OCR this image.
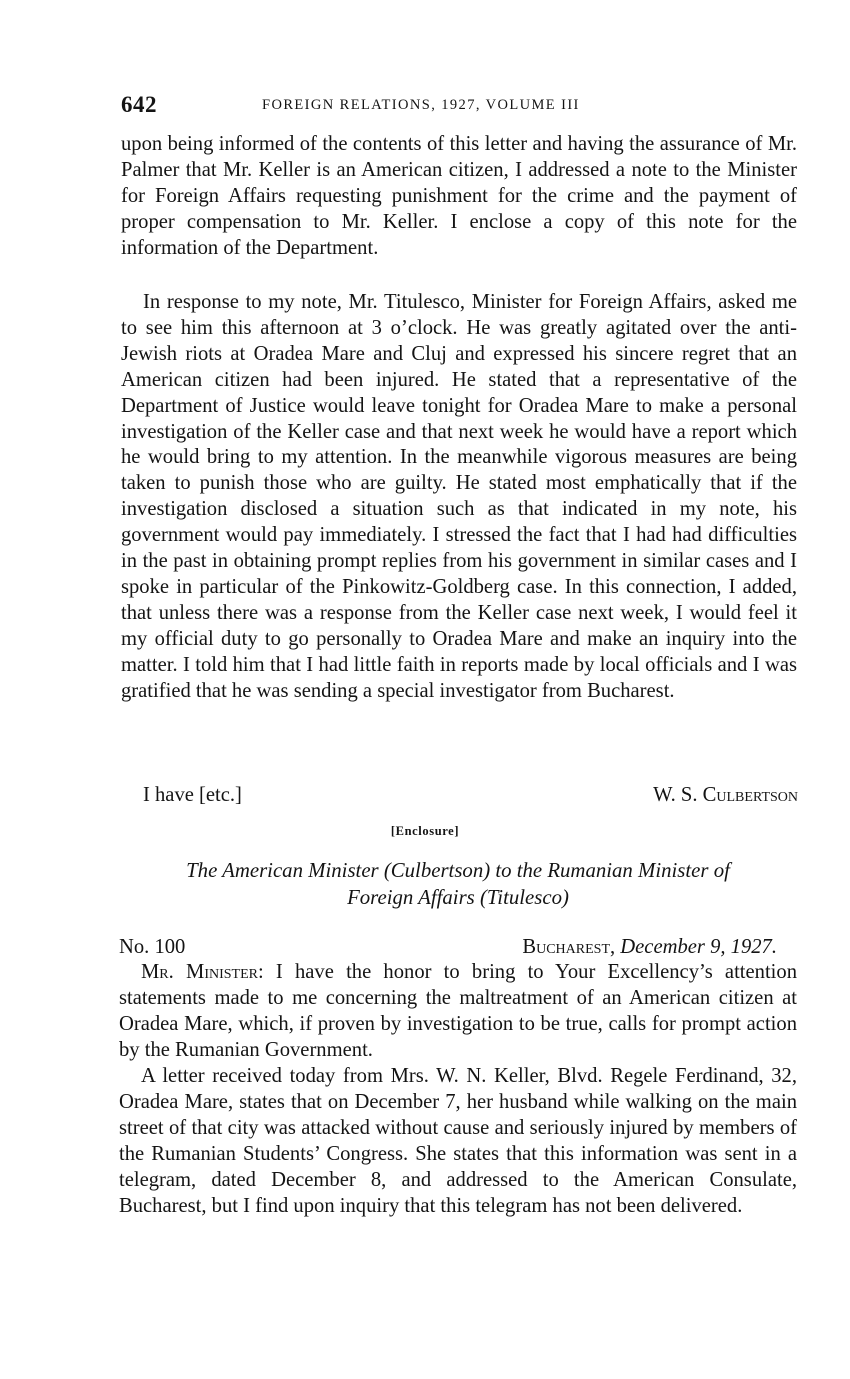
642	FOREIGN RELATIONS, 1927, VOLUME III

upon being informed of the contents of this letter and having the assurance of Mr. Palmer that Mr. Keller is an American citizen, I addressed a note to the Minister for Foreign Affairs requesting punishment for the crime and the payment of proper compensation to Mr. Keller. I enclose a copy of this note for the information of the Department.

In response to my note, Mr. Titulesco, Minister for Foreign Affairs, asked me to see him this afternoon at 3 o’clock. He was greatly agitated over the anti-Jewish riots at Oradea Mare and Cluj and expressed his sincere regret that an American citizen had been injured. He stated that a representative of the Department of Justice would leave tonight for Oradea Mare to make a personal investigation of the Keller case and that next week he would have a report which he would bring to my attention. In the meanwhile vigorous measures are being taken to punish those who are guilty. He stated most emphatically that if the investigation disclosed a situation such as that indicated in my note, his government would pay immediately. I stressed the fact that I had had difficulties in the past in obtaining prompt replies from his government in similar cases and I spoke in particular of the Pinkowitz-Goldberg case. In this connection, I added, that unless there was a response from the Keller case next week, I would feel it my official duty to go personally to Oradea Mare and make an inquiry into the matter. I told him that I had little faith in reports made by local officials and I was gratified that he was sending a special investigator from Bucharest.

I have [etc.]	W. S. Culbertson
[Enclosure]
The American Minister (Culbertson) to the Rumanian Minister of
Foreign Affairs (Titulesco)
No. 100	Bucharest, December 9, 1927.

Mr. Minister: I have the honor to bring to Your Excellency’s attention statements made to me concerning the maltreatment of an American citizen at Oradea Mare, which, if proven by investigation to be true, calls for prompt action by the Rumanian Government.

A letter received today from Mrs. W. N. Keller, Blvd. Regele Ferdinand, 32, Oradea Mare, states that on December 7, her husband while walking on the main street of that city was attacked without cause and seriously injured by members of the Rumanian Students’ Congress. She states that this information was sent in a telegram, dated December 8, and addressed to the American Consulate, Bucharest, but I find upon inquiry that this telegram has not been delivered.
